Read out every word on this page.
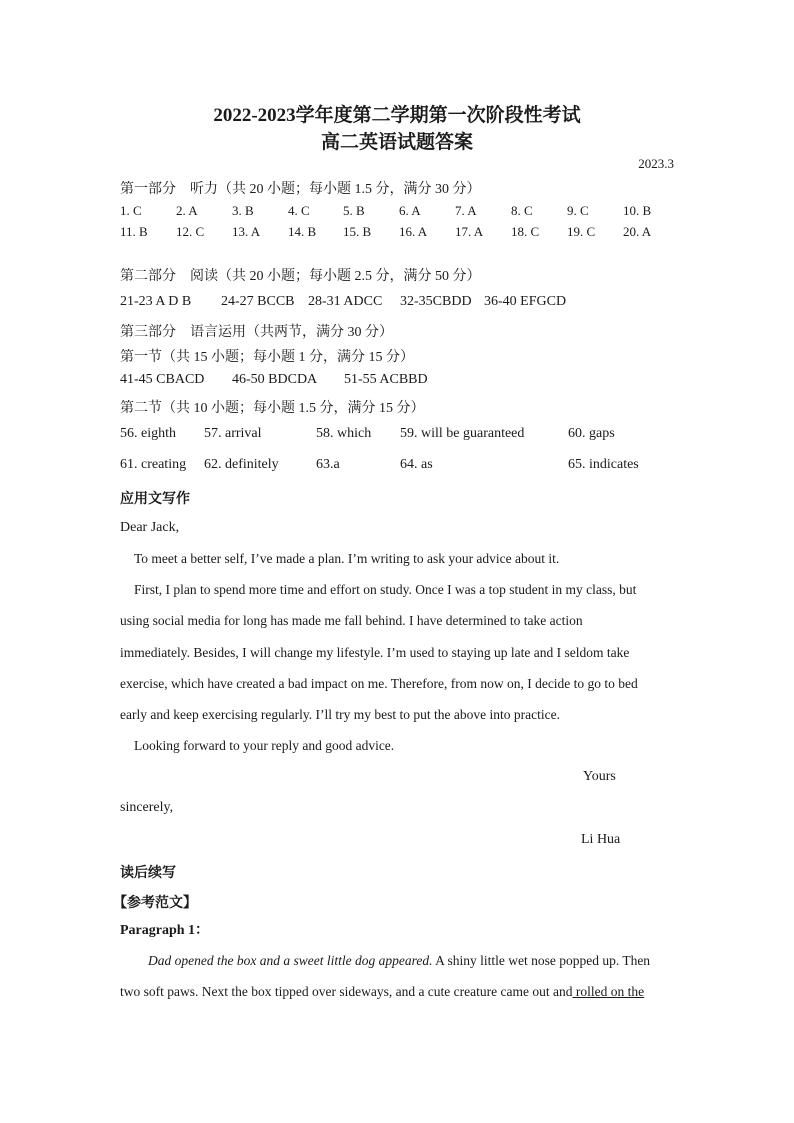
2022-2023学年度第二学期第一次阶段性考试
高二英语试题答案
2023.3
第一部分　听力（共 20 小题；每小题 1.5 分，满分 30 分）
1. C	2. A	3. B	4. C	5. B	6. A	7. A	8. C	9. C	10. B
11. B 12. C 13. A 14. B 15. B 16. A 17. A 18. C 19. C 20. A
第二部分　阅读（共 20 小题；每小题 2.5 分，满分 50 分）
21-23 A D B 24-27 BCCB 28-31 ADCC 32-35CBDD 36-40 EFGCD
第三部分　语言运用（共两节，满分 30 分）
第一节（共 15 小题；每小题 1 分，满分 15 分）
41-45 CBACD 46-50 BDCDA 51-55 ACBBD
第二节（共 10 小题；每小题 1.5 分，满分 15 分）
56. eighth 57. arrival	58. which 59. will be guaranteed	60. gaps
61. creating 62. definitely	63.a	64. as	65. indicates
应用文写作
Dear Jack,
To meet a better self, I’ve made a plan. I’m writing to ask your advice about it.
First, I plan to spend more time and effort on study. Once I was a top student in my class, but
using social media for long has made me fall behind. I have determined to take action
immediately. Besides, I will change my lifestyle. I’m used to staying up late and I seldom take
exercise, which have created a bad impact on me. Therefore, from now on, I decide to go to bed
early and keep exercising regularly. I’ll try my best to put the above into practice.
Looking forward to your reply and good advice.
Yours
sincerely,
Li Hua
读后续写
【参考范文】
Paragraph 1：
Dad opened the box and a sweet little dog appeared. A shiny little wet nose popped up. Then
two soft paws. Next the box tipped over sideways, and a cute creature came out and rolled on the
